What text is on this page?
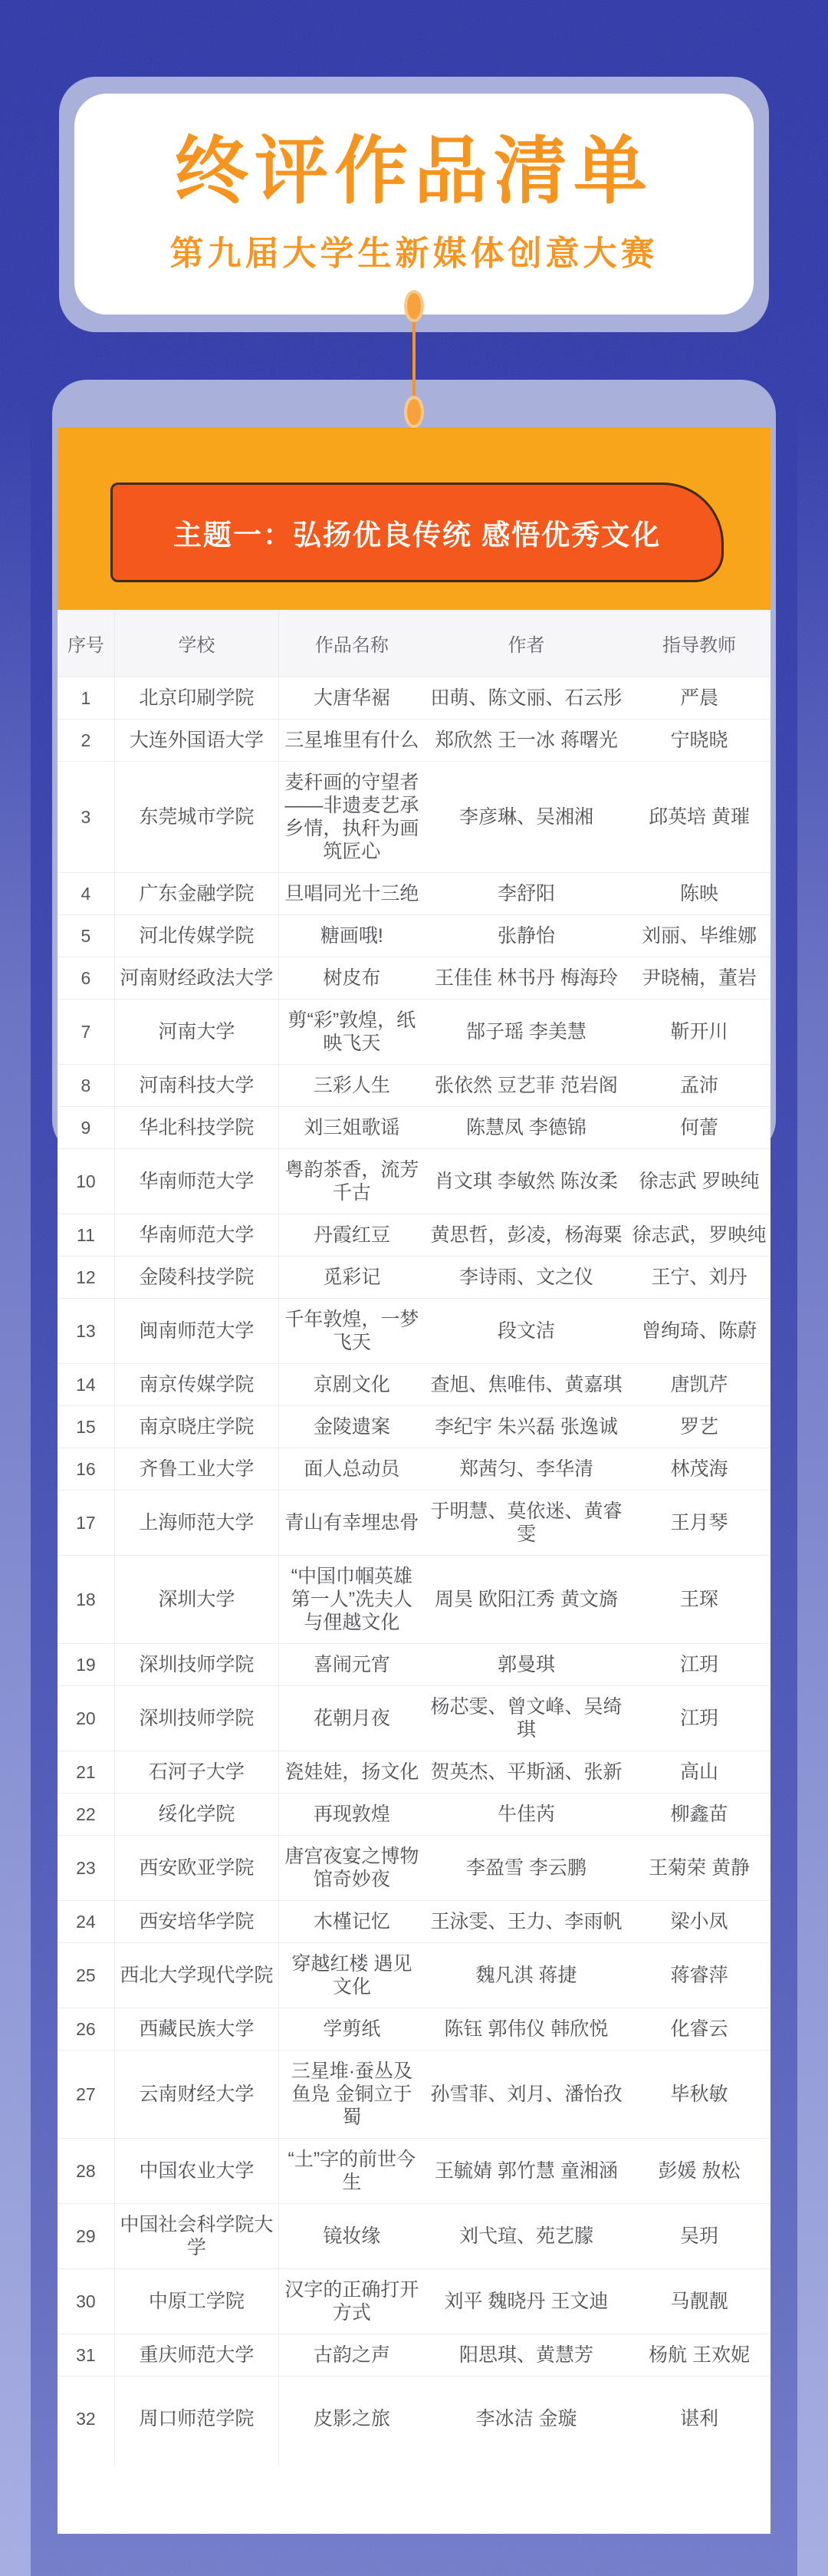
终评作品清单
第九届大学生新媒体创意大赛
主题一：弘扬优良传统 感悟优秀文化
序号	学校	作品名称	作者	指导教师
1	北京印刷学院	大唐华裾	田萌、陈文丽、石云彤	严晨
2	大连外国语大学	三星堆里有什么	郑欣然 王一冰 蒋曙光	宁晓晓
3	东莞城市学院	麦秆画的守望者——非遗麦艺承乡情，执秆为画 筑匠心	李彦琳、吴湘湘	邱英培 黄璀
4	广东金融学院	旦唱同光十三绝	李舒阳	陈映
5	河北传媒学院	糖画哦!	张静怡	刘丽、毕维娜
6	河南财经政法大学	树皮布	王佳佳 林书丹 梅海玲	尹晓楠，董岩
7	河南大学	剪“彩”敦煌，纸映飞天	郜子瑶 李美慧	靳开川
8	河南科技大学	三彩人生	张依然 豆艺菲 范岩阁	孟沛
9	华北科技学院	刘三姐歌谣	陈慧凤 李德锦	何蕾
10	华南师范大学	粤韵茶香，流芳千古	肖文琪 李敏然 陈汝柔	徐志武 罗映纯
11	华南师范大学	丹霞红豆	黄思哲，彭凌，杨海粟	徐志武，罗映纯
12	金陵科技学院	觅彩记	李诗雨、文之仪	王宁、刘丹
13	闽南师范大学	千年敦煌，一梦飞天	段文洁	曾绚琦、陈蔚
14	南京传媒学院	京剧文化	查旭、焦唯伟、黄嘉琪	唐凯芹
15	南京晓庄学院	金陵遗案	李纪宇 朱兴磊 张逸诚	罗艺
16	齐鲁工业大学	面人总动员	郑茜匀、李华清	林茂海
17	上海师范大学	青山有幸埋忠骨	于明慧、莫依迷、黄睿雯	王月琴
18	深圳大学	“中国巾帼英雄第一人”冼夫人与俚越文化	周昊 欧阳江秀 黄文旖	王琛
19	深圳技师学院	喜闹元宵	郭曼琪	江玥
20	深圳技师学院	花朝月夜	杨芯雯、曾文峰、吴绮琪	江玥
21	石河子大学	瓷娃娃，扬文化	贺英杰、平斯涵、张新	高山
22	绥化学院	再现敦煌	牛佳芮	柳鑫苗
23	西安欧亚学院	唐宫夜宴之博物馆奇妙夜	李盈雪 李云鹏	王菊荣 黄静
24	西安培华学院	木槿记忆	王泳雯、王力、李雨帆	梁小凤
25	西北大学现代学院	穿越红楼 遇见文化	魏凡淇 蒋捷	蒋睿萍
26	西藏民族大学	学剪纸	陈钰 郭伟仪 韩欣悦	化睿云
27	云南财经大学	三星堆·蚕丛及鱼凫 金铜立于蜀	孙雪菲、刘月、潘怡孜	毕秋敏
28	中国农业大学	“土”字的前世今生	王毓婧 郭竹慧 童湘涵	彭媛 敖松
29	中国社会科学院大学	镜妆缘	刘弋瑄、苑艺朦	吴玥
30	中原工学院	汉字的正确打开方式	刘平 魏晓丹 王文迪	马靓靓
31	重庆师范大学	古韵之声	阳思琪、黄慧芳	杨航 王欢妮
32	周口师范学院	皮影之旅	李冰洁 金璇	谌利
